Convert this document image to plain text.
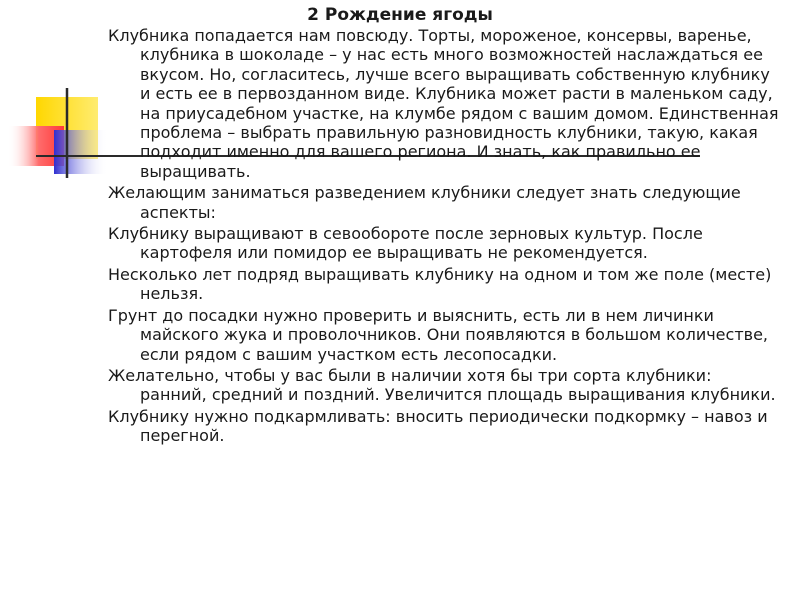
2 Рождение ягоды

Клубника попадается нам повсюду. Торты, мороженое, консервы, варенье, клубника в шоколаде – у нас есть много возможностей наслаждаться ее вкусом. Но, согласитесь, лучше всего выращивать собственную клубнику и есть ее в первозданном виде. Клубника может расти в маленьком саду, на приусадебном участке, на клумбе рядом с вашим домом. Единственная проблема – выбрать правильную разновидность клубники, такую, какая подходит именно для вашего региона. И знать, как правильно ее выращивать.

Желающим заниматься разведением клубники следует знать следующие аспекты:

Клубнику выращивают в севообороте после зерновых культур. После картофеля или помидор ее выращивать не рекомендуется.

Несколько лет подряд выращивать клубнику на одном и том же поле (месте) нельзя.

Грунт до посадки нужно проверить и выяснить, есть ли в нем личинки майского жука и проволочников. Они появляются в большом количестве, если рядом с вашим участком есть лесопосадки.

Желательно, чтобы у вас были в наличии хотя бы три сорта клубники: ранний, средний и поздний. Увеличится площадь выращивания клубники.

Клубнику нужно подкармливать: вносить периодически подкормку – навоз и перегной.
